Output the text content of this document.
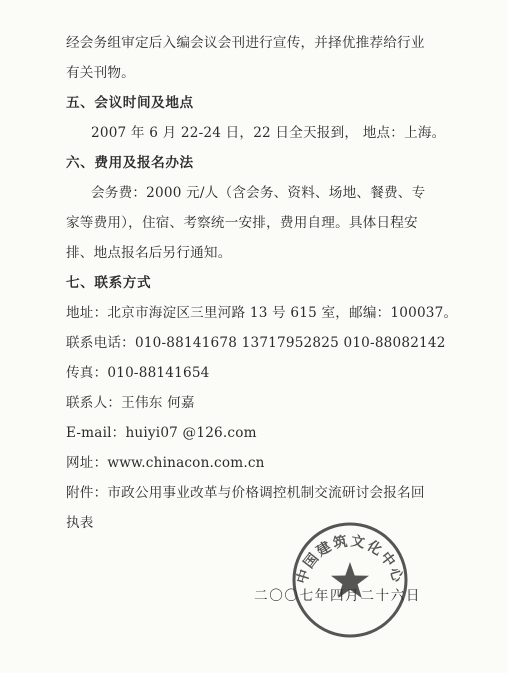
经会务组审定后入编会议会刊进行宣传，并择优推荐给行业
有关刊物。
五、会议时间及地点
2007 年 6 月 22-24 日，22 日全天报到， 地点：上海。
六、费用及报名办法
会务费：2000 元/人（含会务、资料、场地、餐费、专
家等费用），住宿、考察统一安排，费用自理。具体日程安
排、地点报名后另行通知。
七、联系方式
地址：北京市海淀区三里河路 13 号 615 室，邮编：100037。
联系电话：010-88141678 13717952825 010-88082142
传真：010-88141654
联系人：王伟东 何嘉
E-mail：huiyi07 @126.com
网址：www.chinacon.com.cn
附件：市政公用事业改革与价格调控机制交流研讨会报名回
执表
中国建筑文化中心
二〇〇七年四月二十六日
